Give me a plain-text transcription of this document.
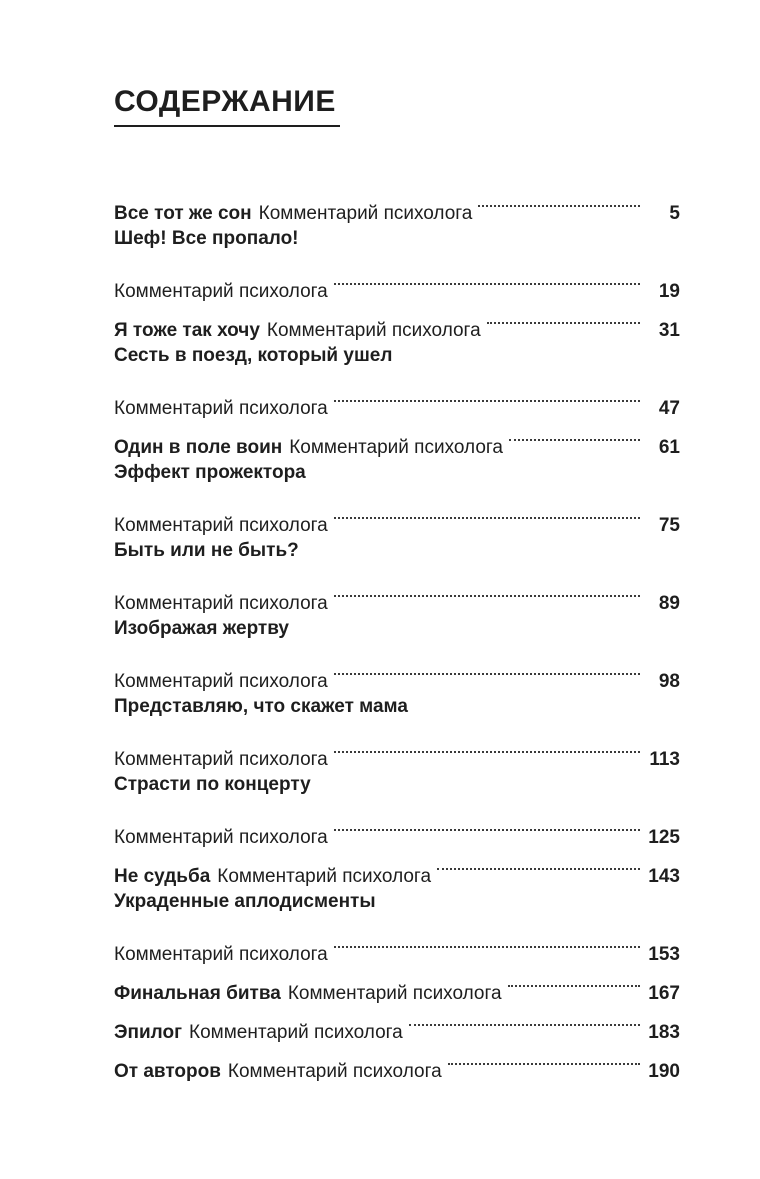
СОДЕРЖАНИЕ
Все тот же сон Комментарий психолога	5
Шеф! Все пропало!
Комментарий психолога	19
Я тоже так хочу Комментарий психолога	31
Сесть в поезд, который ушел
Комментарий психолога	47
Один в поле воин Комментарий психолога	61
Эффект прожектора
Комментарий психолога	75
Быть или не быть?
Комментарий психолога	89
Изображая жертву
Комментарий психолога	98
Представляю, что скажет мама
Комментарий психолога	113
Страсти по концерту
Комментарий психолога	125
Не судьба Комментарий психолога	143
Украденные аплодисменты
Комментарий психолога	153
Финальная битва Комментарий психолога	167
Эпилог Комментарий психолога	183
От авторов Комментарий психолога	190
